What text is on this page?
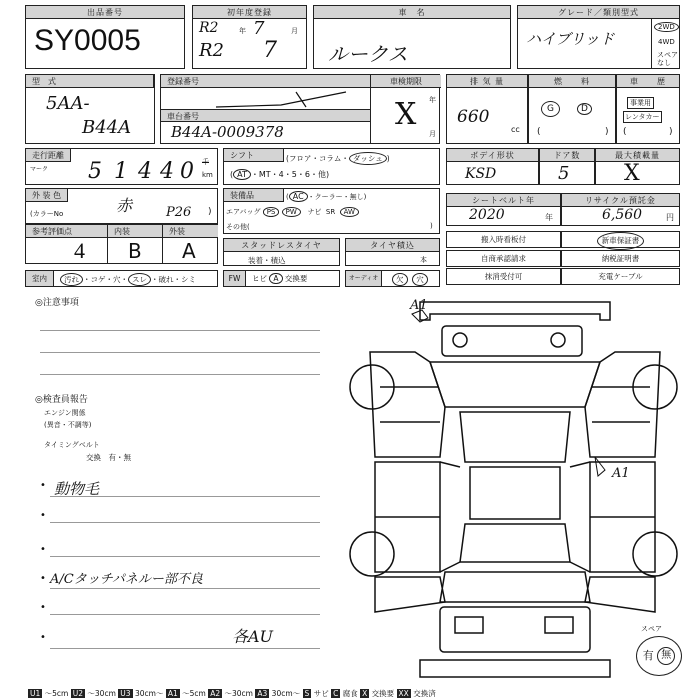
出品番号
SY0005
初年度登録
R2 7
年	月
R2 7
車　名
ルークス
グレード／類別型式
ハイブリッド
2WD
4WD
スペア
なし
型　式
5AA-
B44A
登録番号	車検期限
車台番号
B44A-0009378	X 年
月
排 気 量
660
cc
燃　　料
G	D
(	)
車　　歴
事業用
レンタカー
(	)
走行距離
マーク 5 1 4 4 0 千
km
シフト	(フロア・コラム・ ダッシュ )
( AT ・MT・4・5・6・他)
ボデイ形状
KSD
ドア数
5
最大積載量
X
外 装 色
(カラーNo	赤	P26 )
装備品	( AC ・クーラー・無し)
エアバッグ PS PW ナビ SR AW
その他(	)
シートベルト年
2020	年
リサイクル預託金
6,560	円
参考評価点	内装	外装
4 B A	スタッドレスタイヤ
装着・積込
タイヤ積込
本
搬入時看板付
自商承認請求
抹消受付可
新車保証書
納税証明書
充電ケーブル
室内	汚れ ・コゲ・穴・ スレ ・破れ・シミ	FW	ヒビ A 交換要	オーディオ	欠 穴
◎注意事項
◎検査員報告
エンジン関係
(異音・不調等)
タイミングベルト
交換　有・無
• 動物毛
•
•
• A/Cタッチパネルー部不良
•
•	各AU
A1
A1
スペア
有 無
U1 ～5cm U2 ～30cm U3 30cm～ A1 ～5cm A2 ～30cm A3 30cm～ S サビ C 腐食 X 交換要 XX 交換済
